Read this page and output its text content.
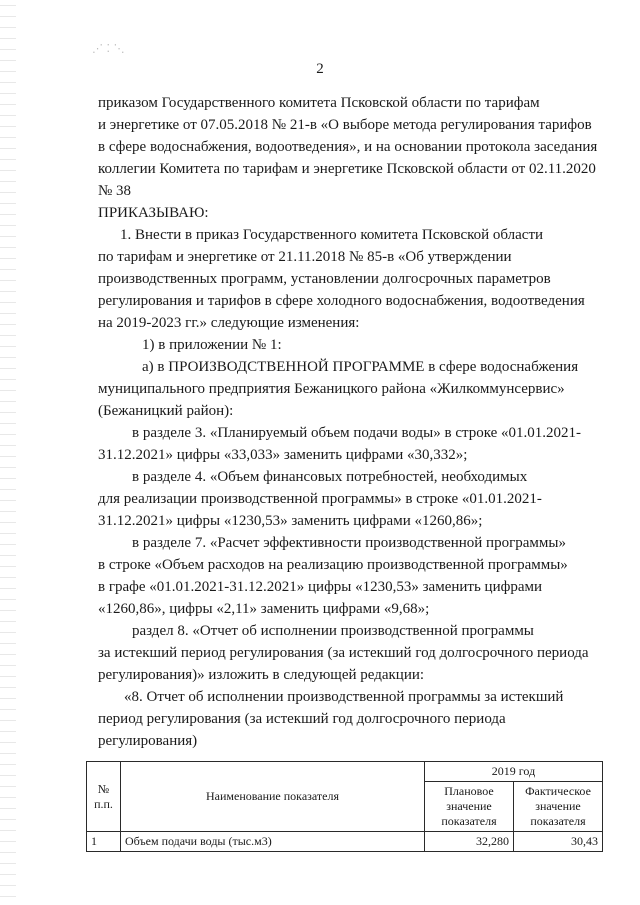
⋰ ⁚ ⋱
2

приказом Государственного комитета Псковской области по тарифам
и энергетике от 07.05.2018 № 21-в «О выборе метода регулирования тарифов
в сфере водоснабжения, водоотведения», и на основании протокола заседания
коллегии Комитета по тарифам и энергетике Псковской области от 02.11.2020
№ 38

ПРИКАЗЫВАЮ:

1. Внести в приказ Государственного комитета Псковской области
по тарифам и энергетике от 21.11.2018 № 85-в «Об утверждении
производственных программ, установлении долгосрочных параметров
регулирования и тарифов в сфере холодного водоснабжения, водоотведения
на 2019-2023 гг.» следующие изменения:

1) в приложении № 1:

а) в ПРОИЗВОДСТВЕННОЙ ПРОГРАММЕ в сфере водоснабжения
муниципального предприятия Бежаницкого района «Жилкоммунсервис»
(Бежаницкий район):

в разделе 3. «Планируемый объем подачи воды» в строке «01.01.2021-
31.12.2021» цифры «33,033» заменить цифрами «30,332»;

в разделе 4. «Объем финансовых потребностей, необходимых
для реализации производственной программы» в строке «01.01.2021-
31.12.2021» цифры «1230,53» заменить цифрами «1260,86»;

в разделе 7. «Расчет эффективности производственной программы»
в строке «Объем расходов на реализацию производственной программы»
в графе «01.01.2021-31.12.2021» цифры «1230,53» заменить цифрами
«1260,86», цифры «2,11» заменить цифрами «9,68»;

раздел 8. «Отчет об исполнении производственной программы
за истекший период регулирования (за истекший год долгосрочного периода
регулирования)» изложить в следующей редакции:

«8. Отчет об исполнении производственной программы за истекший
период регулирования (за истекший год долгосрочного периода
регулирования)

№ п.п.	Наименование показателя	2019 год	
		Плановое значение показателя	Фактическое значение показателя
1	Объем подачи воды (тыс.м3)	32,280	30,43
